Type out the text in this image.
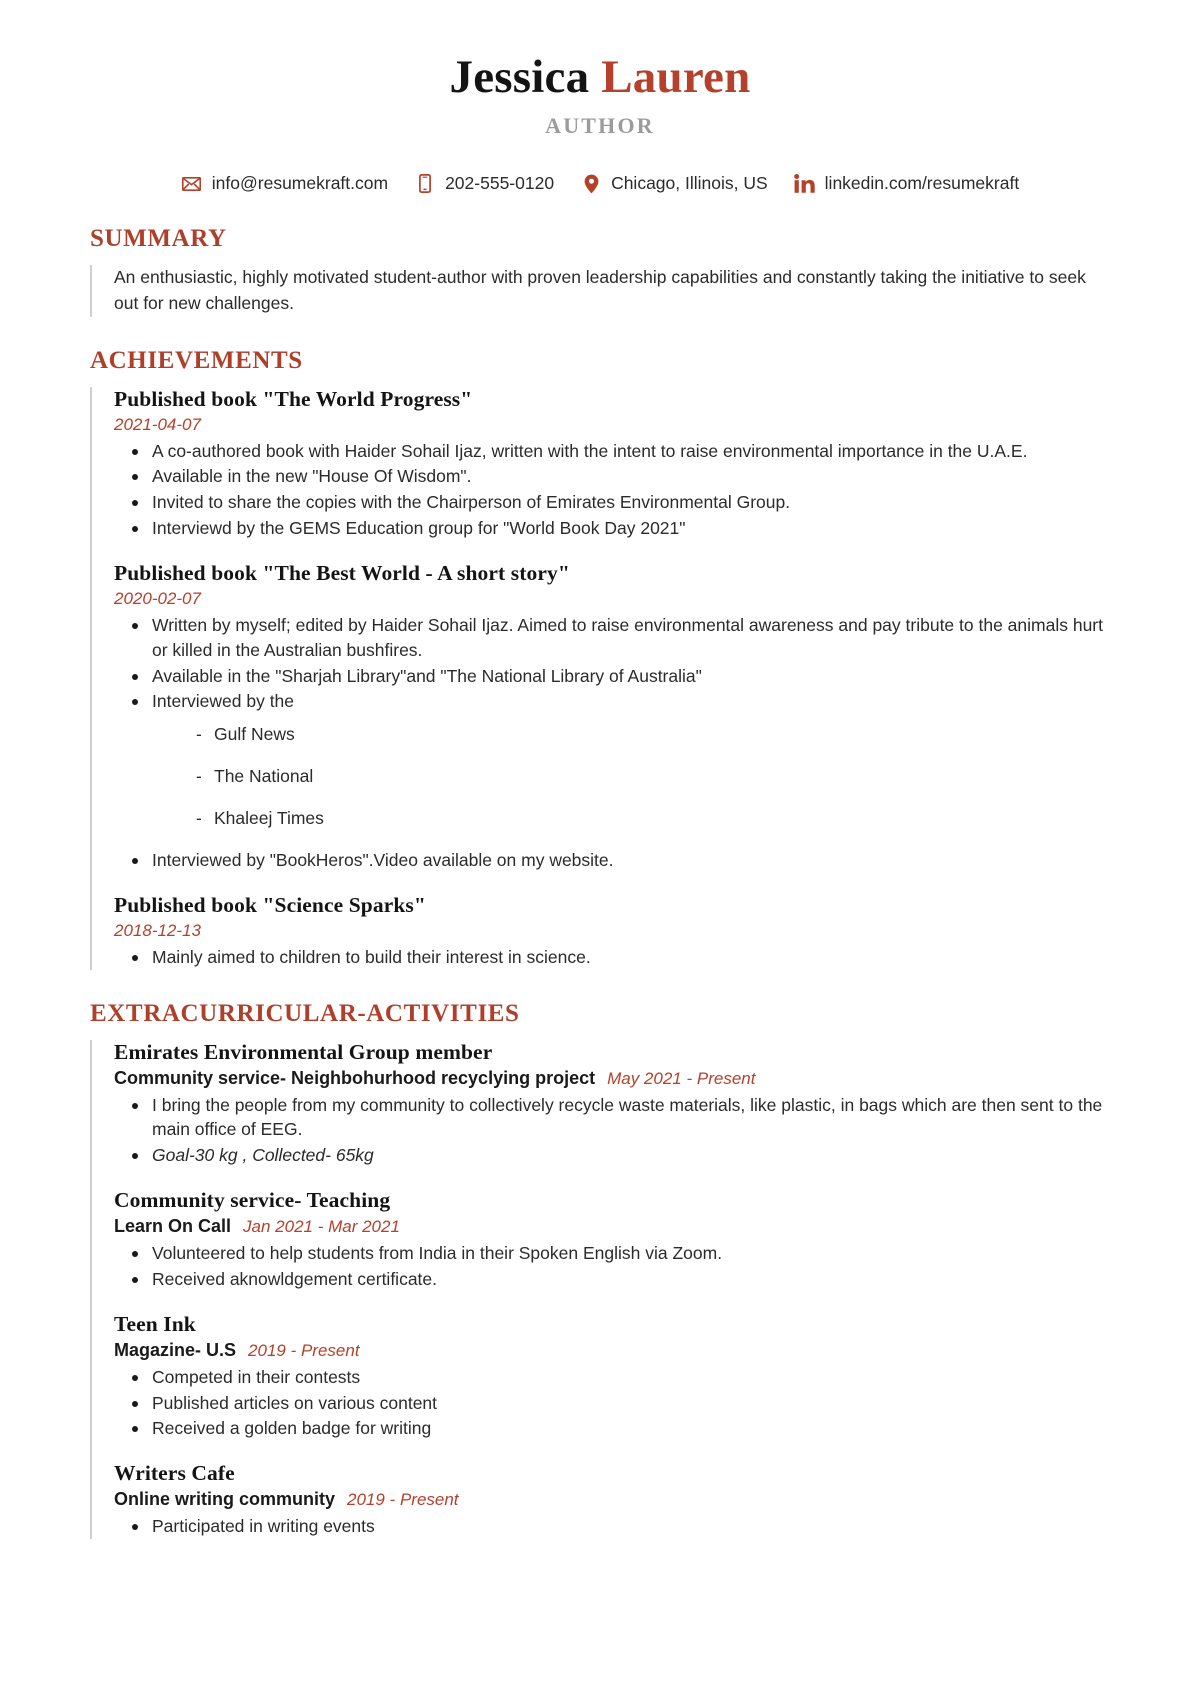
Jessica Lauren
AUTHOR
info@resumekraft.com	202-555-0120	Chicago, Illinois, US	linkedin.com/resumekraft
SUMMARY

An enthusiastic, highly motivated student-author with proven leadership capabilities and constantly taking the initiative to seek out for new challenges.

ACHIEVEMENTS
Published book "The World Progress"
2021-04-07
A co-authored book with Haider Sohail Ijaz, written with the intent to raise environmental importance in the U.A.E.
Available in the new "House Of Wisdom".
Invited to share the copies with the Chairperson of Emirates Environmental Group.
Interviewd by the GEMS Education group for "World Book Day 2021"
Published book "The Best World - A short story"
2020-02-07
Written by myself; edited by Haider Sohail Ijaz. Aimed to raise environmental awareness and pay tribute to the animals hurt or killed in the Australian bushfires.
Available in the "Sharjah Library"and "The National Library of Australia"
Interviewed by the
- Gulf News
- The National
- Khaleej Times
Interviewed by "BookHeros".Video available on my website.
Published book "Science Sparks"
2018-12-13
Mainly aimed to children to build their interest in science.
EXTRACURRICULAR-ACTIVITIES
Emirates Environmental Group member
Community service- Neighbohurhood recyclying project May 2021 - Present
I bring the people from my community to collectively recycle waste materials, like plastic, in bags which are then sent to the main office of EEG.
Goal-30 kg , Collected- 65kg
Community service- Teaching
Learn On Call Jan 2021 - Mar 2021
Volunteered to help students from India in their Spoken English via Zoom.
Received aknowldgement certificate.
Teen Ink
Magazine- U.S 2019 - Present
Competed in their contests
Published articles on various content
Received a golden badge for writing
Writers Cafe
Online writing community 2019 - Present
Participated in writing events
